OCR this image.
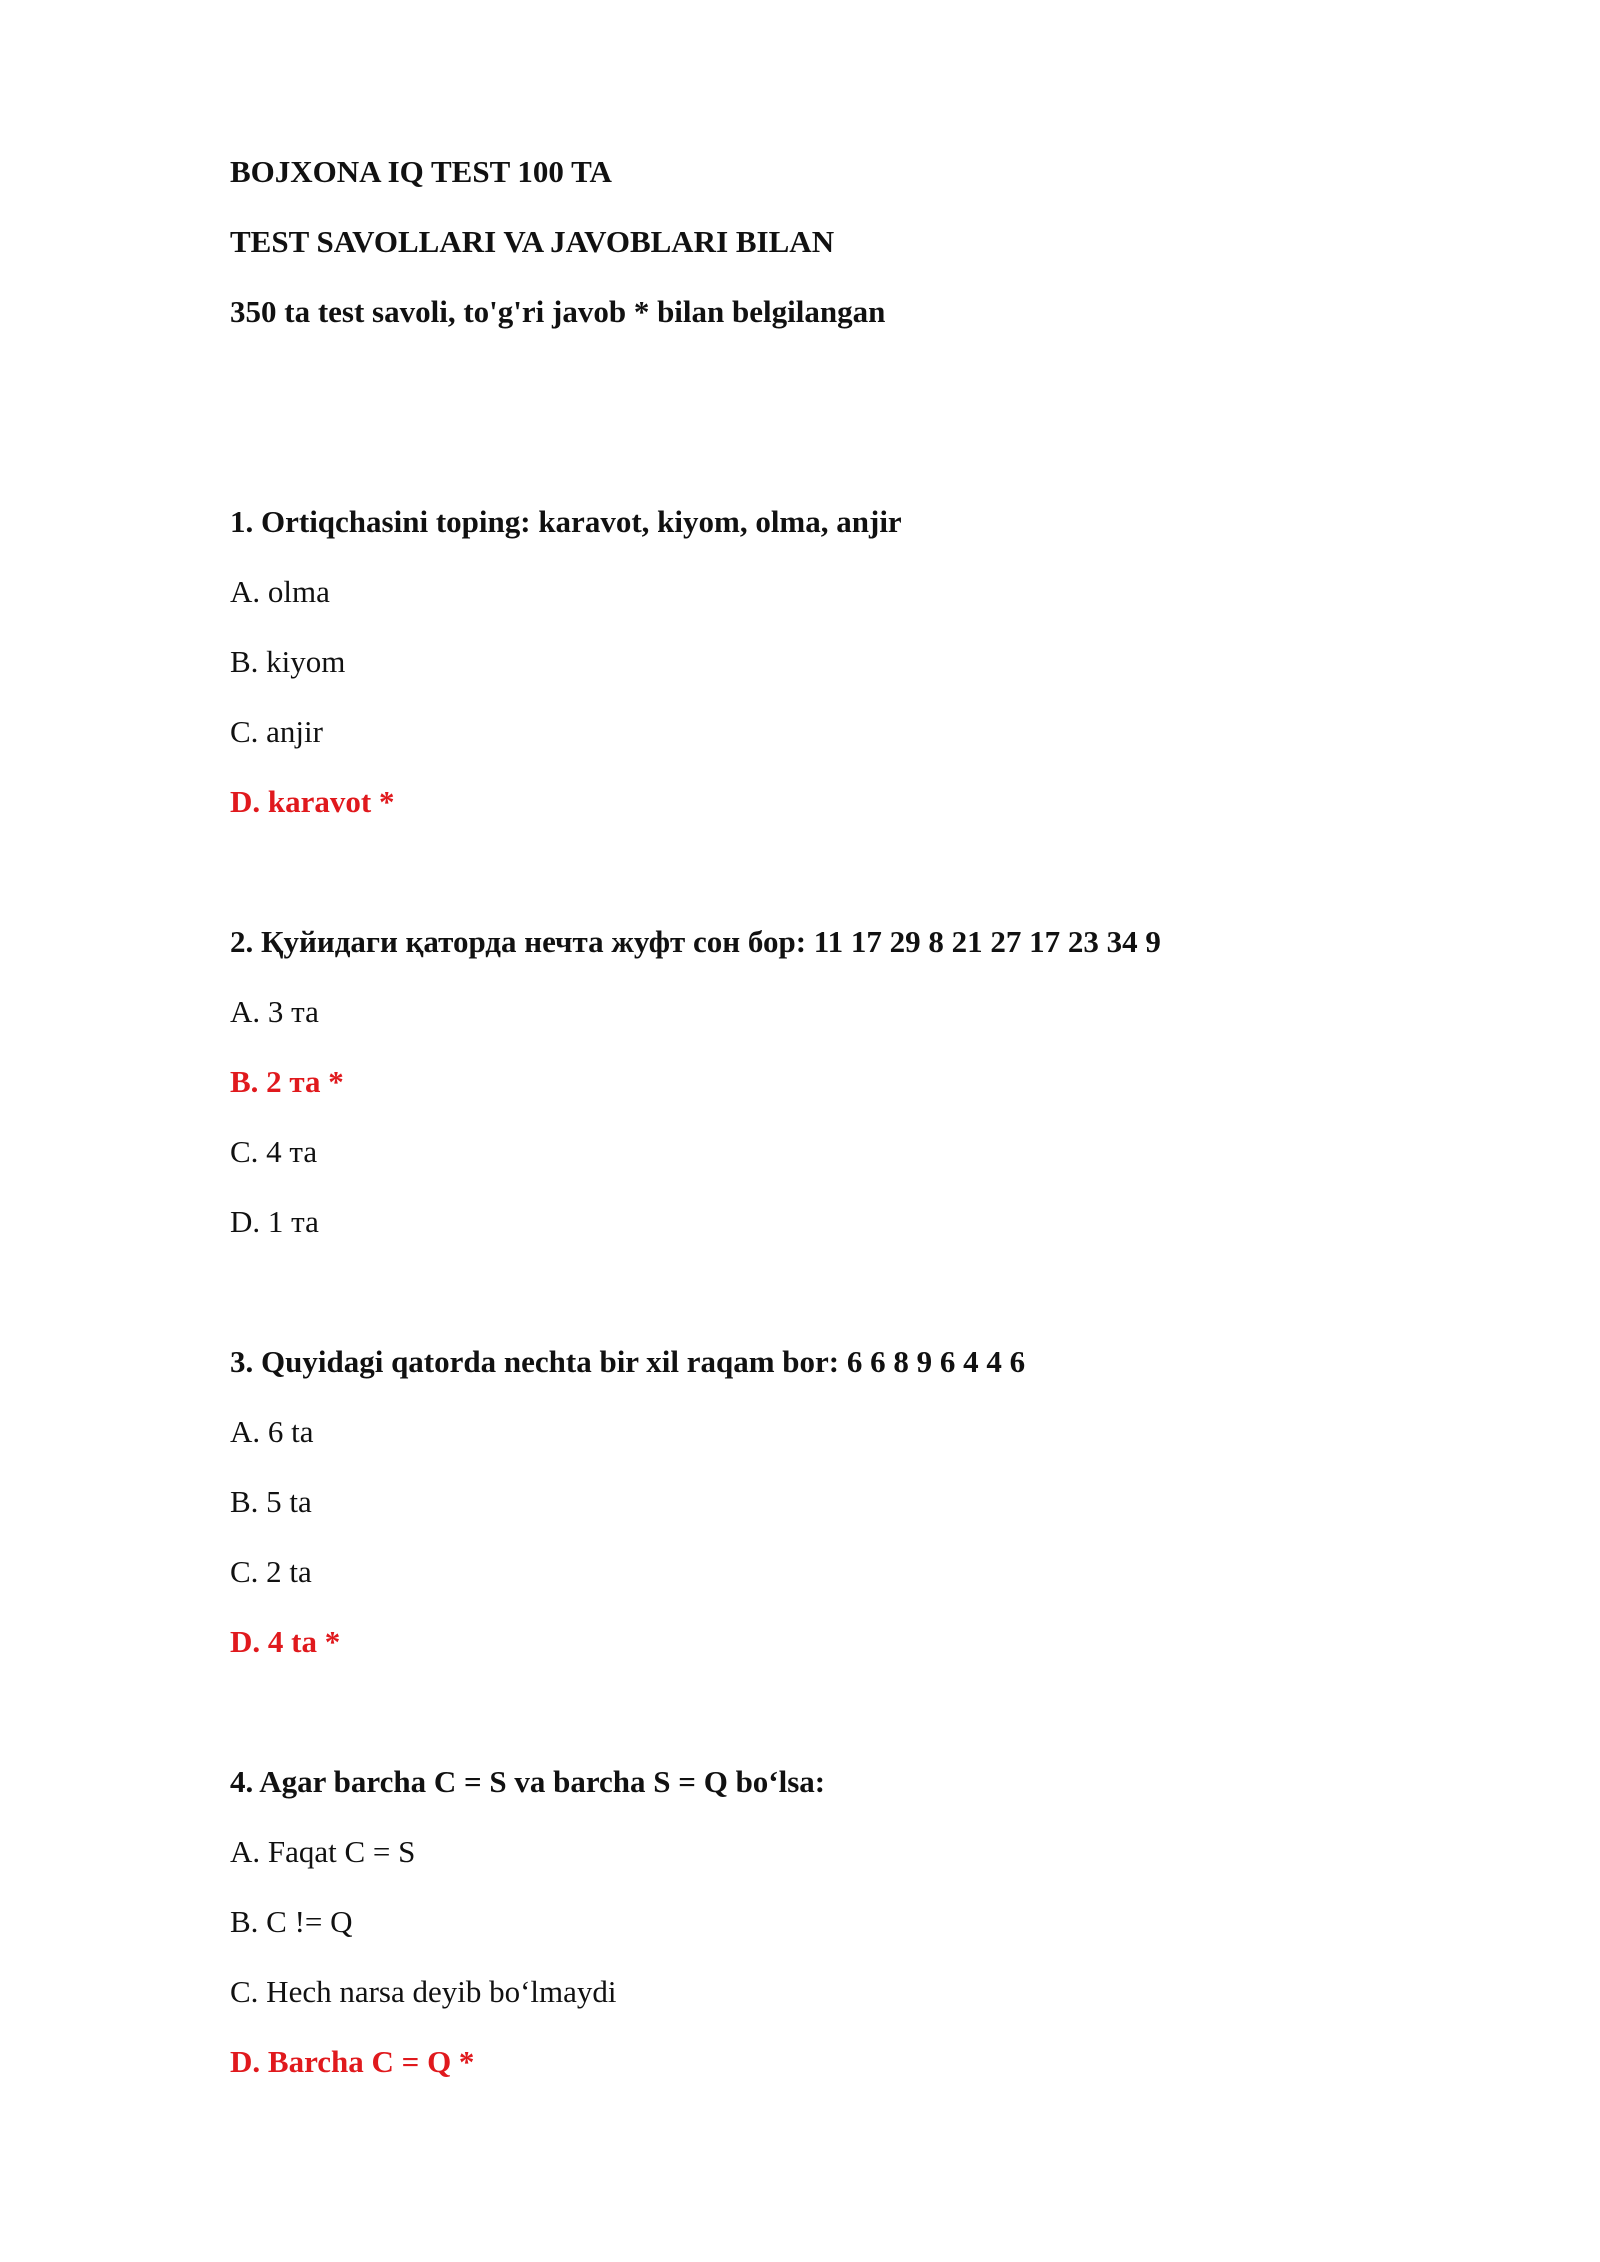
BOJXONA IQ TEST 100 TA

TEST SAVOLLARI VA JAVOBLARI BILAN

350 ta test savoli, to'g'ri javob * bilan belgilangan

1. Ortiqchasini toping: karavot, kiyom, olma, anjir

A. olma

B. kiyom

C. anjir

D. karavot *

2. Қуйидаги қаторда нечта жуфт сон бор: 11 17 29 8 21 27 17 23 34 9

A. 3 та

B. 2 та *

C. 4 та

D. 1 та

3. Quyidagi qatorda nechta bir xil raqam bor: 6 6 8 9 6 4 4 6

A. 6 ta

B. 5 ta

C. 2 ta

D. 4 ta *

4. Agar barcha C = S va barcha S = Q bo‘lsa:

A. Faqat C = S

B. C != Q

C. Hech narsa deyib bo‘lmaydi

D. Barcha C = Q *
